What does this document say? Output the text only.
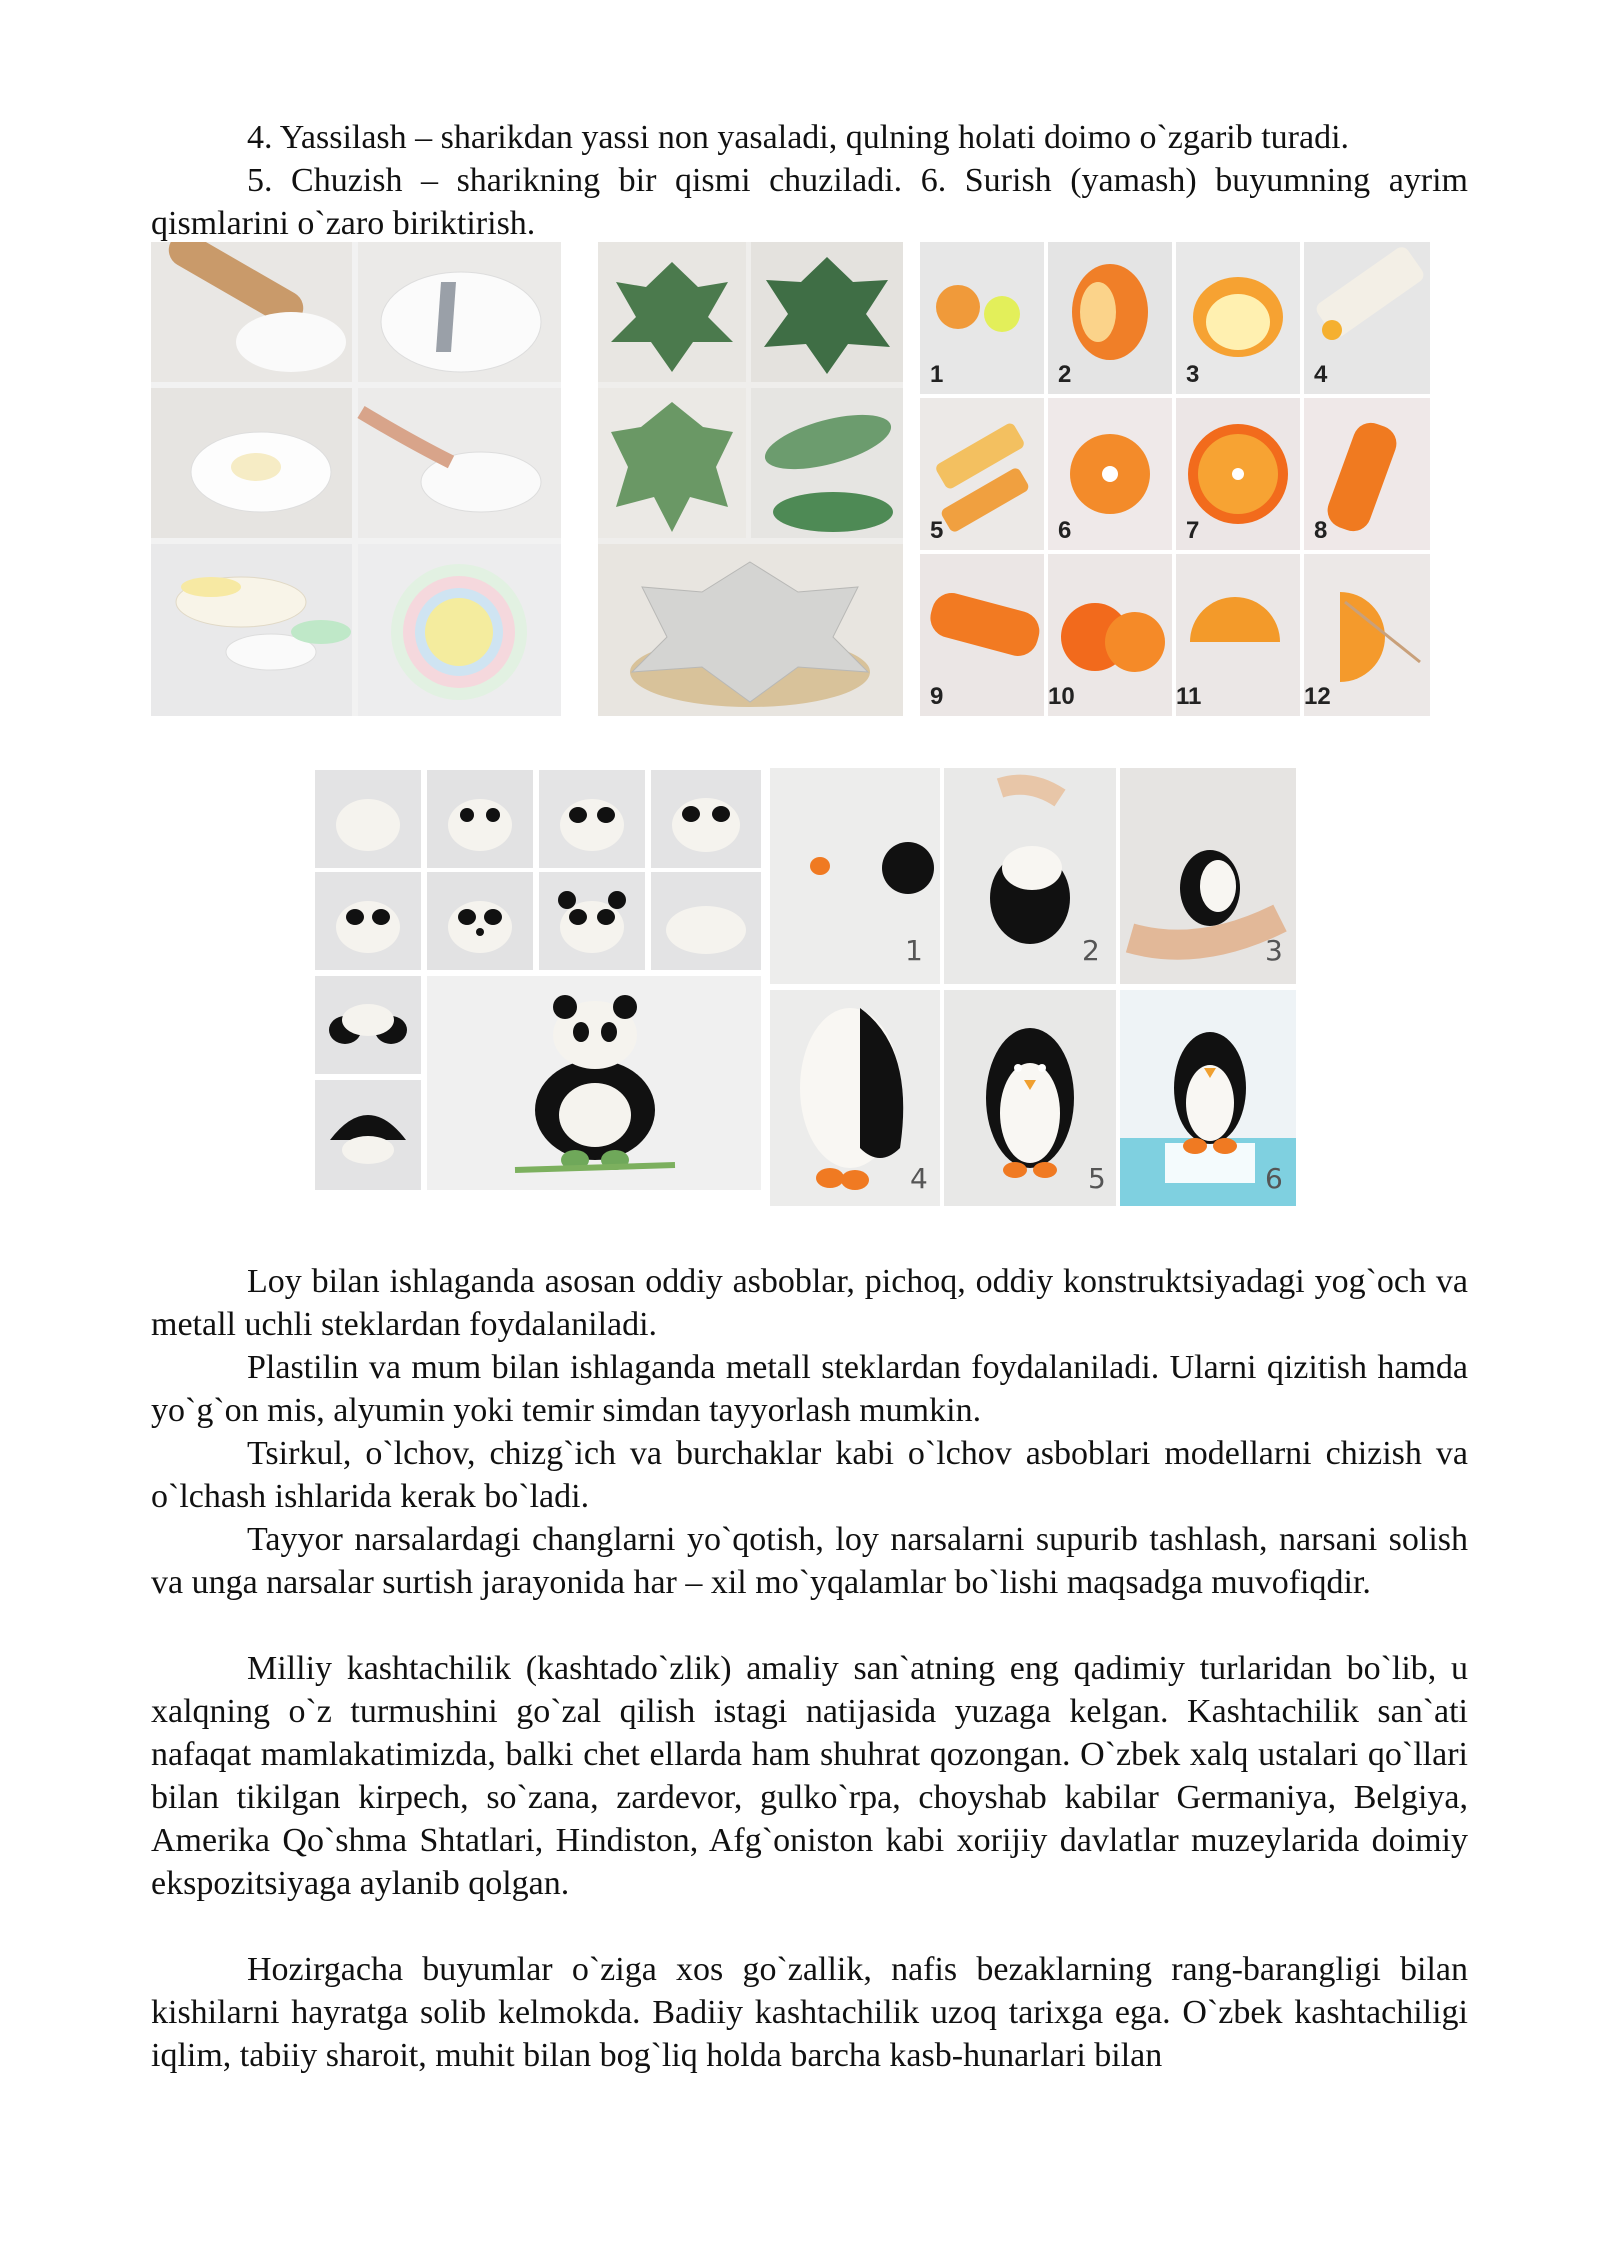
4. Yassilash – sharikdan yassi non yasaladi, qulning holati doimo o`zgarib turadi.

5. Chuzish – sharikning bir qismi chuziladi. 6. Surish (yamash) buyumning ayrim qismlarini o`zaro biriktirish.

1	2	3	4
5	6	7	8
9	10	11	12
1	2	3
4	5	6

Loy bilan ishlaganda asosan oddiy asboblar, pichoq, oddiy konstruktsiyadagi yog`och va metall uchli steklardan foydalaniladi.

Plastilin va mum bilan ishlaganda metall steklardan foydalaniladi. Ularni qizitish hamda yo`g`on mis, alyumin yoki temir simdan tayyorlash mumkin.

Tsirkul, o`lchov, chizg`ich va burchaklar kabi o`lchov asboblari modellarni chizish va o`lchash ishlarida kerak bo`ladi.

Tayyor narsalardagi changlarni yo`qotish, loy narsalarni supurib tashlash, narsani solish va unga narsalar surtish jarayonida har – xil mo`yqalamlar bo`lishi maqsadga muvofiqdir.

Milliy kashtachilik (kashtado`zlik) amaliy san`atning eng qadimiy turlaridan bo`lib, u xalqning o`z turmushini go`zal qilish istagi natijasida yuzaga kelgan. Kashtachilik san`ati nafaqat mamlakatimizda, balki chet ellarda ham shuhrat qozongan. O`zbek xalq ustalari qo`llari bilan tikilgan kirpech, so`zana, zardevor, gulko`rpa, choyshab kabilar Germaniya, Belgiya, Amerika Qo`shma Shtatlari, Hindiston, Afg`oniston kabi xorijiy davlatlar muzeylarida doimiy ekspozitsiyaga aylanib qolgan.

Hozirgacha buyumlar o`ziga xos go`zallik, nafis bezaklarning rang-barangligi bilan kishilarni hayratga solib kelmokda. Badiiy kashtachilik uzoq tarixga ega. O`zbek kashtachiligi iqlim, tabiiy sharoit, muhit bilan bog`liq holda barcha kasb-hunarlari bilan
